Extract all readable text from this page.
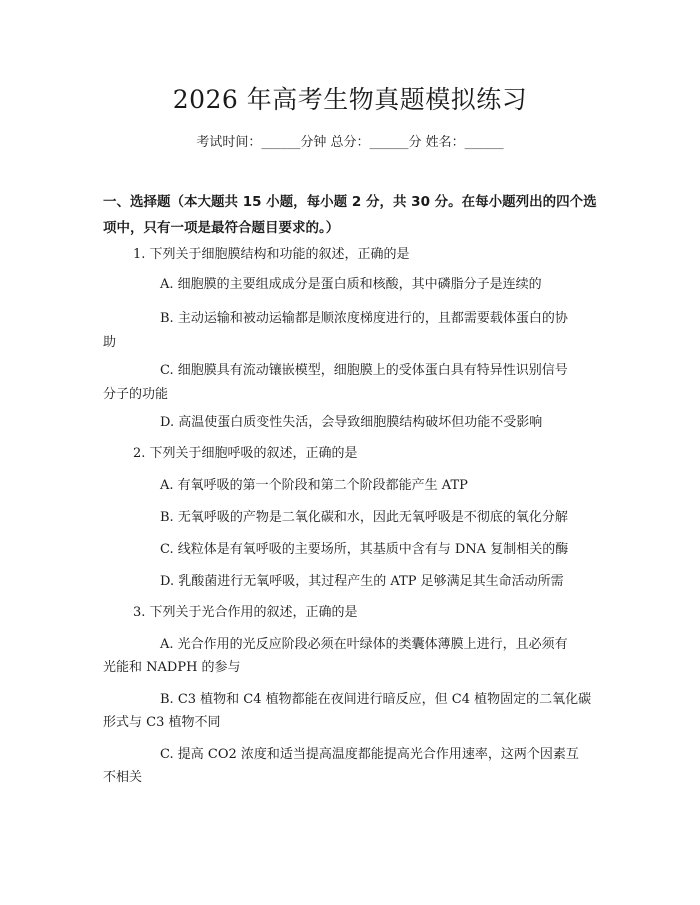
2026 年高考生物真题模拟练习
考试时间：______分钟 总分：______分 姓名：______
一、选择题（本大题共 15 小题，每小题 2 分，共 30 分。在每小题列出的四个选
项中，只有一项是最符合题目要求的。）
1. 下列关于细胞膜结构和功能的叙述，正确的是
A. 细胞膜的主要组成成分是蛋白质和核酸，其中磷脂分子是连续的
B. 主动运输和被动运输都是顺浓度梯度进行的，且都需要载体蛋白的协
助
C. 细胞膜具有流动镶嵌模型，细胞膜上的受体蛋白具有特异性识别信号
分子的功能
D. 高温使蛋白质变性失活，会导致细胞膜结构破坏但功能不受影响
2. 下列关于细胞呼吸的叙述，正确的是
A. 有氧呼吸的第一个阶段和第二个阶段都能产生 ATP
B. 无氧呼吸的产物是二氧化碳和水，因此无氧呼吸是不彻底的氧化分解
C. 线粒体是有氧呼吸的主要场所，其基质中含有与 DNA 复制相关的酶
D. 乳酸菌进行无氧呼吸，其过程产生的 ATP 足够满足其生命活动所需
3. 下列关于光合作用的叙述，正确的是
A. 光合作用的光反应阶段必须在叶绿体的类囊体薄膜上进行，且必须有
光能和 NADPH 的参与
B. C3 植物和 C4 植物都能在夜间进行暗反应，但 C4 植物固定的二氧化碳
形式与 C3 植物不同
C. 提高 CO2 浓度和适当提高温度都能提高光合作用速率，这两个因素互
不相关
